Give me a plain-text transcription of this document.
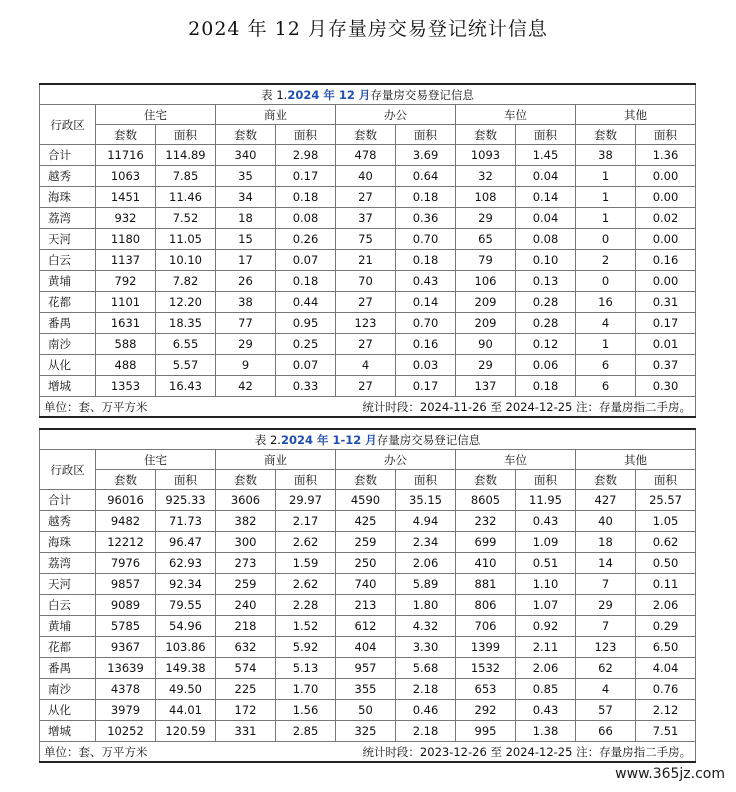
2024 年 12 月存量房交易登记统计信息
表 1.2024 年 12 月存量房交易登记信息										
行政区	住宅		商业		办公		车位		其他	
	套数	面积	套数	面积	套数	面积	套数	面积	套数	面积
合计	11716	114.89	340	2.98	478	3.69	1093	1.45	38	1.36
越秀	1063	7.85	35	0.17	40	0.64	32	0.04	1	0.00
海珠	1451	11.46	34	0.18	27	0.18	108	0.14	1	0.00
荔湾	932	7.52	18	0.08	37	0.36	29	0.04	1	0.02
天河	1180	11.05	15	0.26	75	0.70	65	0.08	0	0.00
白云	1137	10.10	17	0.07	21	0.18	79	0.10	2	0.16
黄埔	792	7.82	26	0.18	70	0.43	106	0.13	0	0.00
花都	1101	12.20	38	0.44	27	0.14	209	0.28	16	0.31
番禺	1631	18.35	77	0.95	123	0.70	209	0.28	4	0.17
南沙	588	6.55	29	0.25	27	0.16	90	0.12	1	0.01
从化	488	5.57	9	0.07	4	0.03	29	0.06	6	0.37
增城	1353	16.43	42	0.33	27	0.17	137	0.18	6	0.30
单位：套、万平方米				统计时段：2024-11-26 至 2024-12-25 注：存量房指二手房。						
表 2.2024 年 1-12 月存量房交易登记信息										
行政区	住宅		商业		办公		车位		其他	
	套数	面积	套数	面积	套数	面积	套数	面积	套数	面积
合计	96016	925.33	3606	29.97	4590	35.15	8605	11.95	427	25.57
越秀	9482	71.73	382	2.17	425	4.94	232	0.43	40	1.05
海珠	12212	96.47	300	2.62	259	2.34	699	1.09	18	0.62
荔湾	7976	62.93	273	1.59	250	2.06	410	0.51	14	0.50
天河	9857	92.34	259	2.62	740	5.89	881	1.10	7	0.11
白云	9089	79.55	240	2.28	213	1.80	806	1.07	29	2.06
黄埔	5785	54.96	218	1.52	612	4.32	706	0.92	7	0.29
花都	9367	103.86	632	5.92	404	3.30	1399	2.11	123	6.50
番禺	13639	149.38	574	5.13	957	5.68	1532	2.06	62	4.04
南沙	4378	49.50	225	1.70	355	2.18	653	0.85	4	0.76
从化	3979	44.01	172	1.56	50	0.46	292	0.43	57	2.12
增城	10252	120.59	331	2.85	325	2.18	995	1.38	66	7.51
单位：套、万平方米				统计时段：2023-12-26 至 2024-12-25 注：存量房指二手房。						
www.365jz.com
